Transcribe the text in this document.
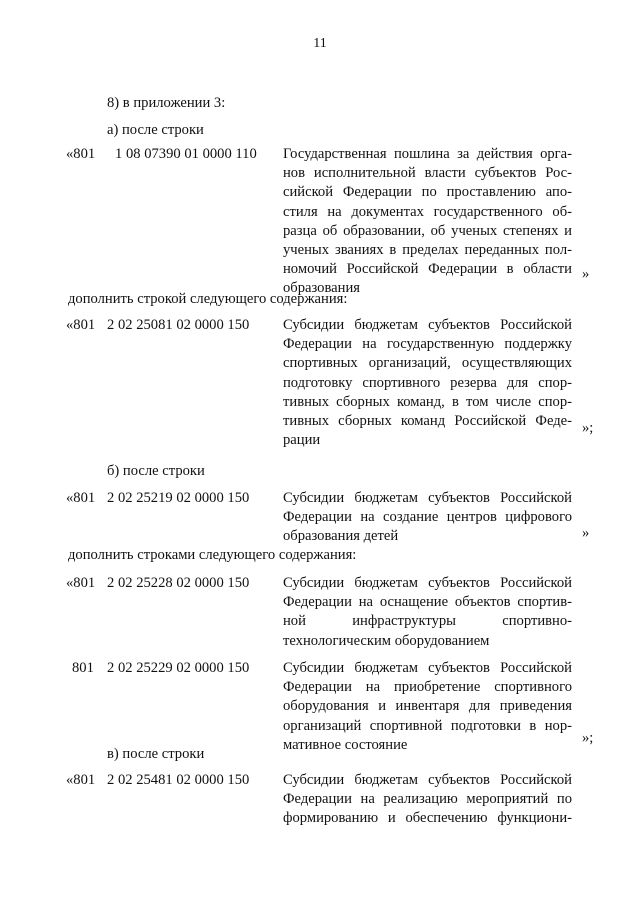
11
8) в приложении 3:
а) после строки
«801 1 08 07390 01 0000 110 Государственная пошлина за действия орга-
нов исполнительной власти субъектов Рос-
сийской Федерации по проставлению апо-
стиля на документах государственного об-
разца об образовании, об ученых степенях и
ученых званиях в пределах переданных пол-
номочий Российской Федерации в области
образования
»
дополнить строкой следующего содержания:
«801 2 02 25081 02 0000 150 Субсидии бюджетам субъектов Российской
Федерации на государственную поддержку
спортивных организаций, осуществляющих
подготовку спортивного резерва для спор-
тивных сборных команд, в том числе спор-
тивных сборных команд Российской Феде-
рации
»;
б) после строки
«801 2 02 25219 02 0000 150 Субсидии бюджетам субъектов Российской
Федерации на создание центров цифрового
образования детей	»
дополнить строками следующего содержания:
«801 2 02 25228 02 0000 150 Субсидии бюджетам субъектов Российской
Федерации на оснащение объектов спортив-
ной инфраструктуры спортивно-
технологическим оборудованием
801 2 02 25229 02 0000 150 Субсидии бюджетам субъектов Российской
Федерации на приобретение спортивного
оборудования и инвентаря для приведения
организаций спортивной подготовки в нор-
мативное состояние	»;
в) после строки
«801 2 02 25481 02 0000 150 Субсидии бюджетам субъектов Российской
Федерации на реализацию мероприятий по
формированию и обеспечению функциони-
